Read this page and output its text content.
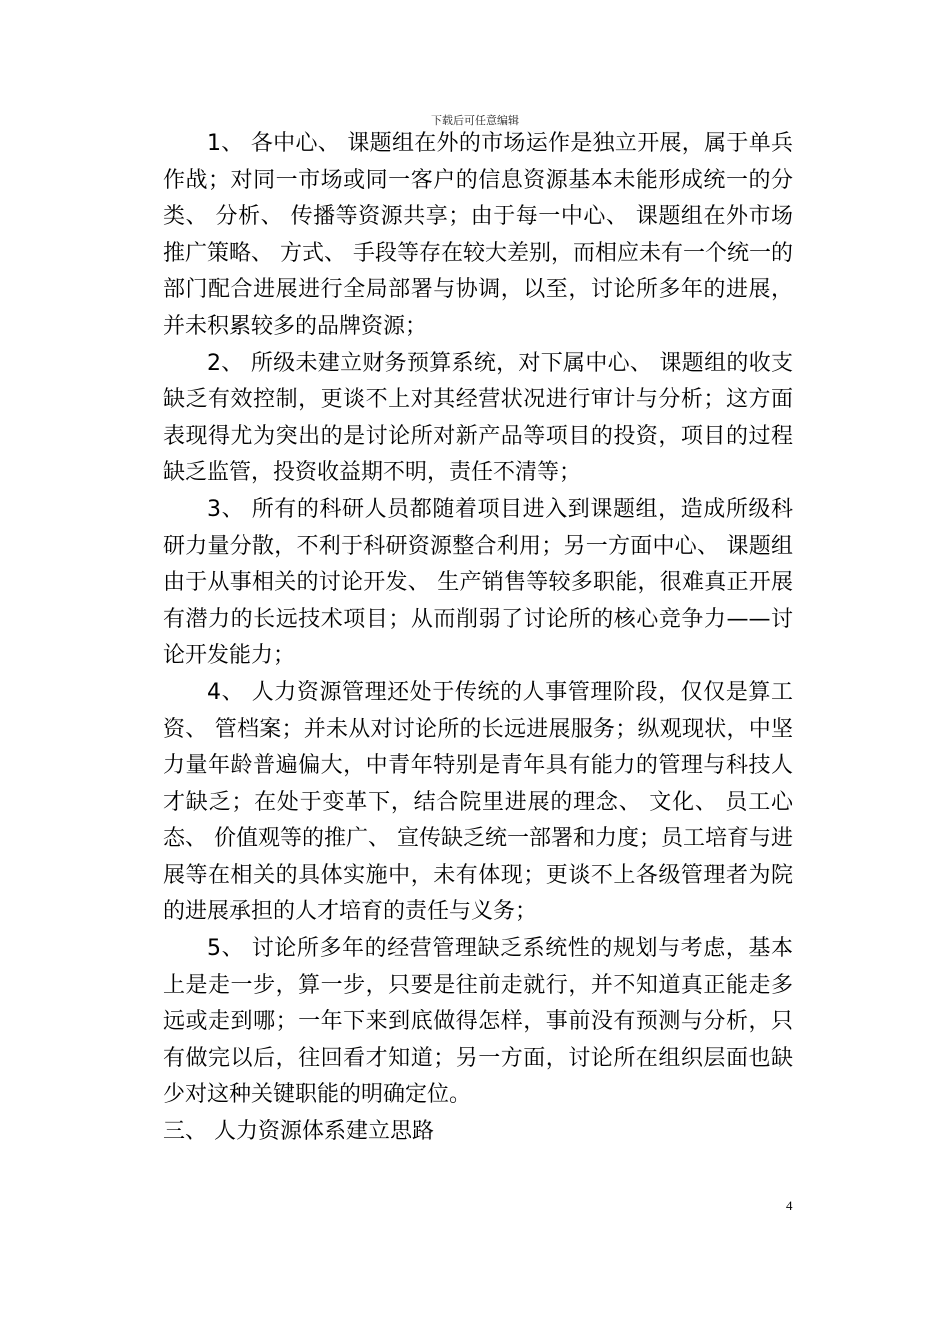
下载后可任意编辑

1、 各中心、 课题组在外的市场运作是独立开展，属于单兵作战；对同一市场或同一客户的信息资源基本未能形成统一的分类、 分析、 传播等资源共享；由于每一中心、 课题组在外市场推广策略、 方式、 手段等存在较大差别，而相应未有一个统一的部门配合进展进行全局部署与协调，以至，讨论所多年的进展，并未积累较多的品牌资源；

2、 所级未建立财务预算系统，对下属中心、 课题组的收支缺乏有效控制，更谈不上对其经营状况进行审计与分析；这方面表现得尤为突出的是讨论所对新产品等项目的投资，项目的过程缺乏监管，投资收益期不明，责任不清等；

3、 所有的科研人员都随着项目进入到课题组，造成所级科研力量分散，不利于科研资源整合利用；另一方面中心、 课题组由于从事相关的讨论开发、 生产销售等较多职能，很难真正开展有潜力的长远技术项目；从而削弱了讨论所的核心竞争力——讨论开发能力；

4、 人力资源管理还处于传统的人事管理阶段，仅仅是算工资、 管档案；并未从对讨论所的长远进展服务；纵观现状，中坚力量年龄普遍偏大，中青年特别是青年具有能力的管理与科技人才缺乏；在处于变革下，结合院里进展的理念、 文化、 员工心态、 价值观等的推广、 宣传缺乏统一部署和力度；员工培育与进展等在相关的具体实施中，未有体现；更谈不上各级管理者为院的进展承担的人才培育的责任与义务；

5、 讨论所多年的经营管理缺乏系统性的规划与考虑，基本上是走一步，算一步，只要是往前走就行，并不知道真正能走多远或走到哪；一年下来到底做得怎样，事前没有预测与分析，只有做完以后，往回看才知道；另一方面，讨论所在组织层面也缺少对这种关键职能的明确定位。

三、 人力资源体系建立思路

4
